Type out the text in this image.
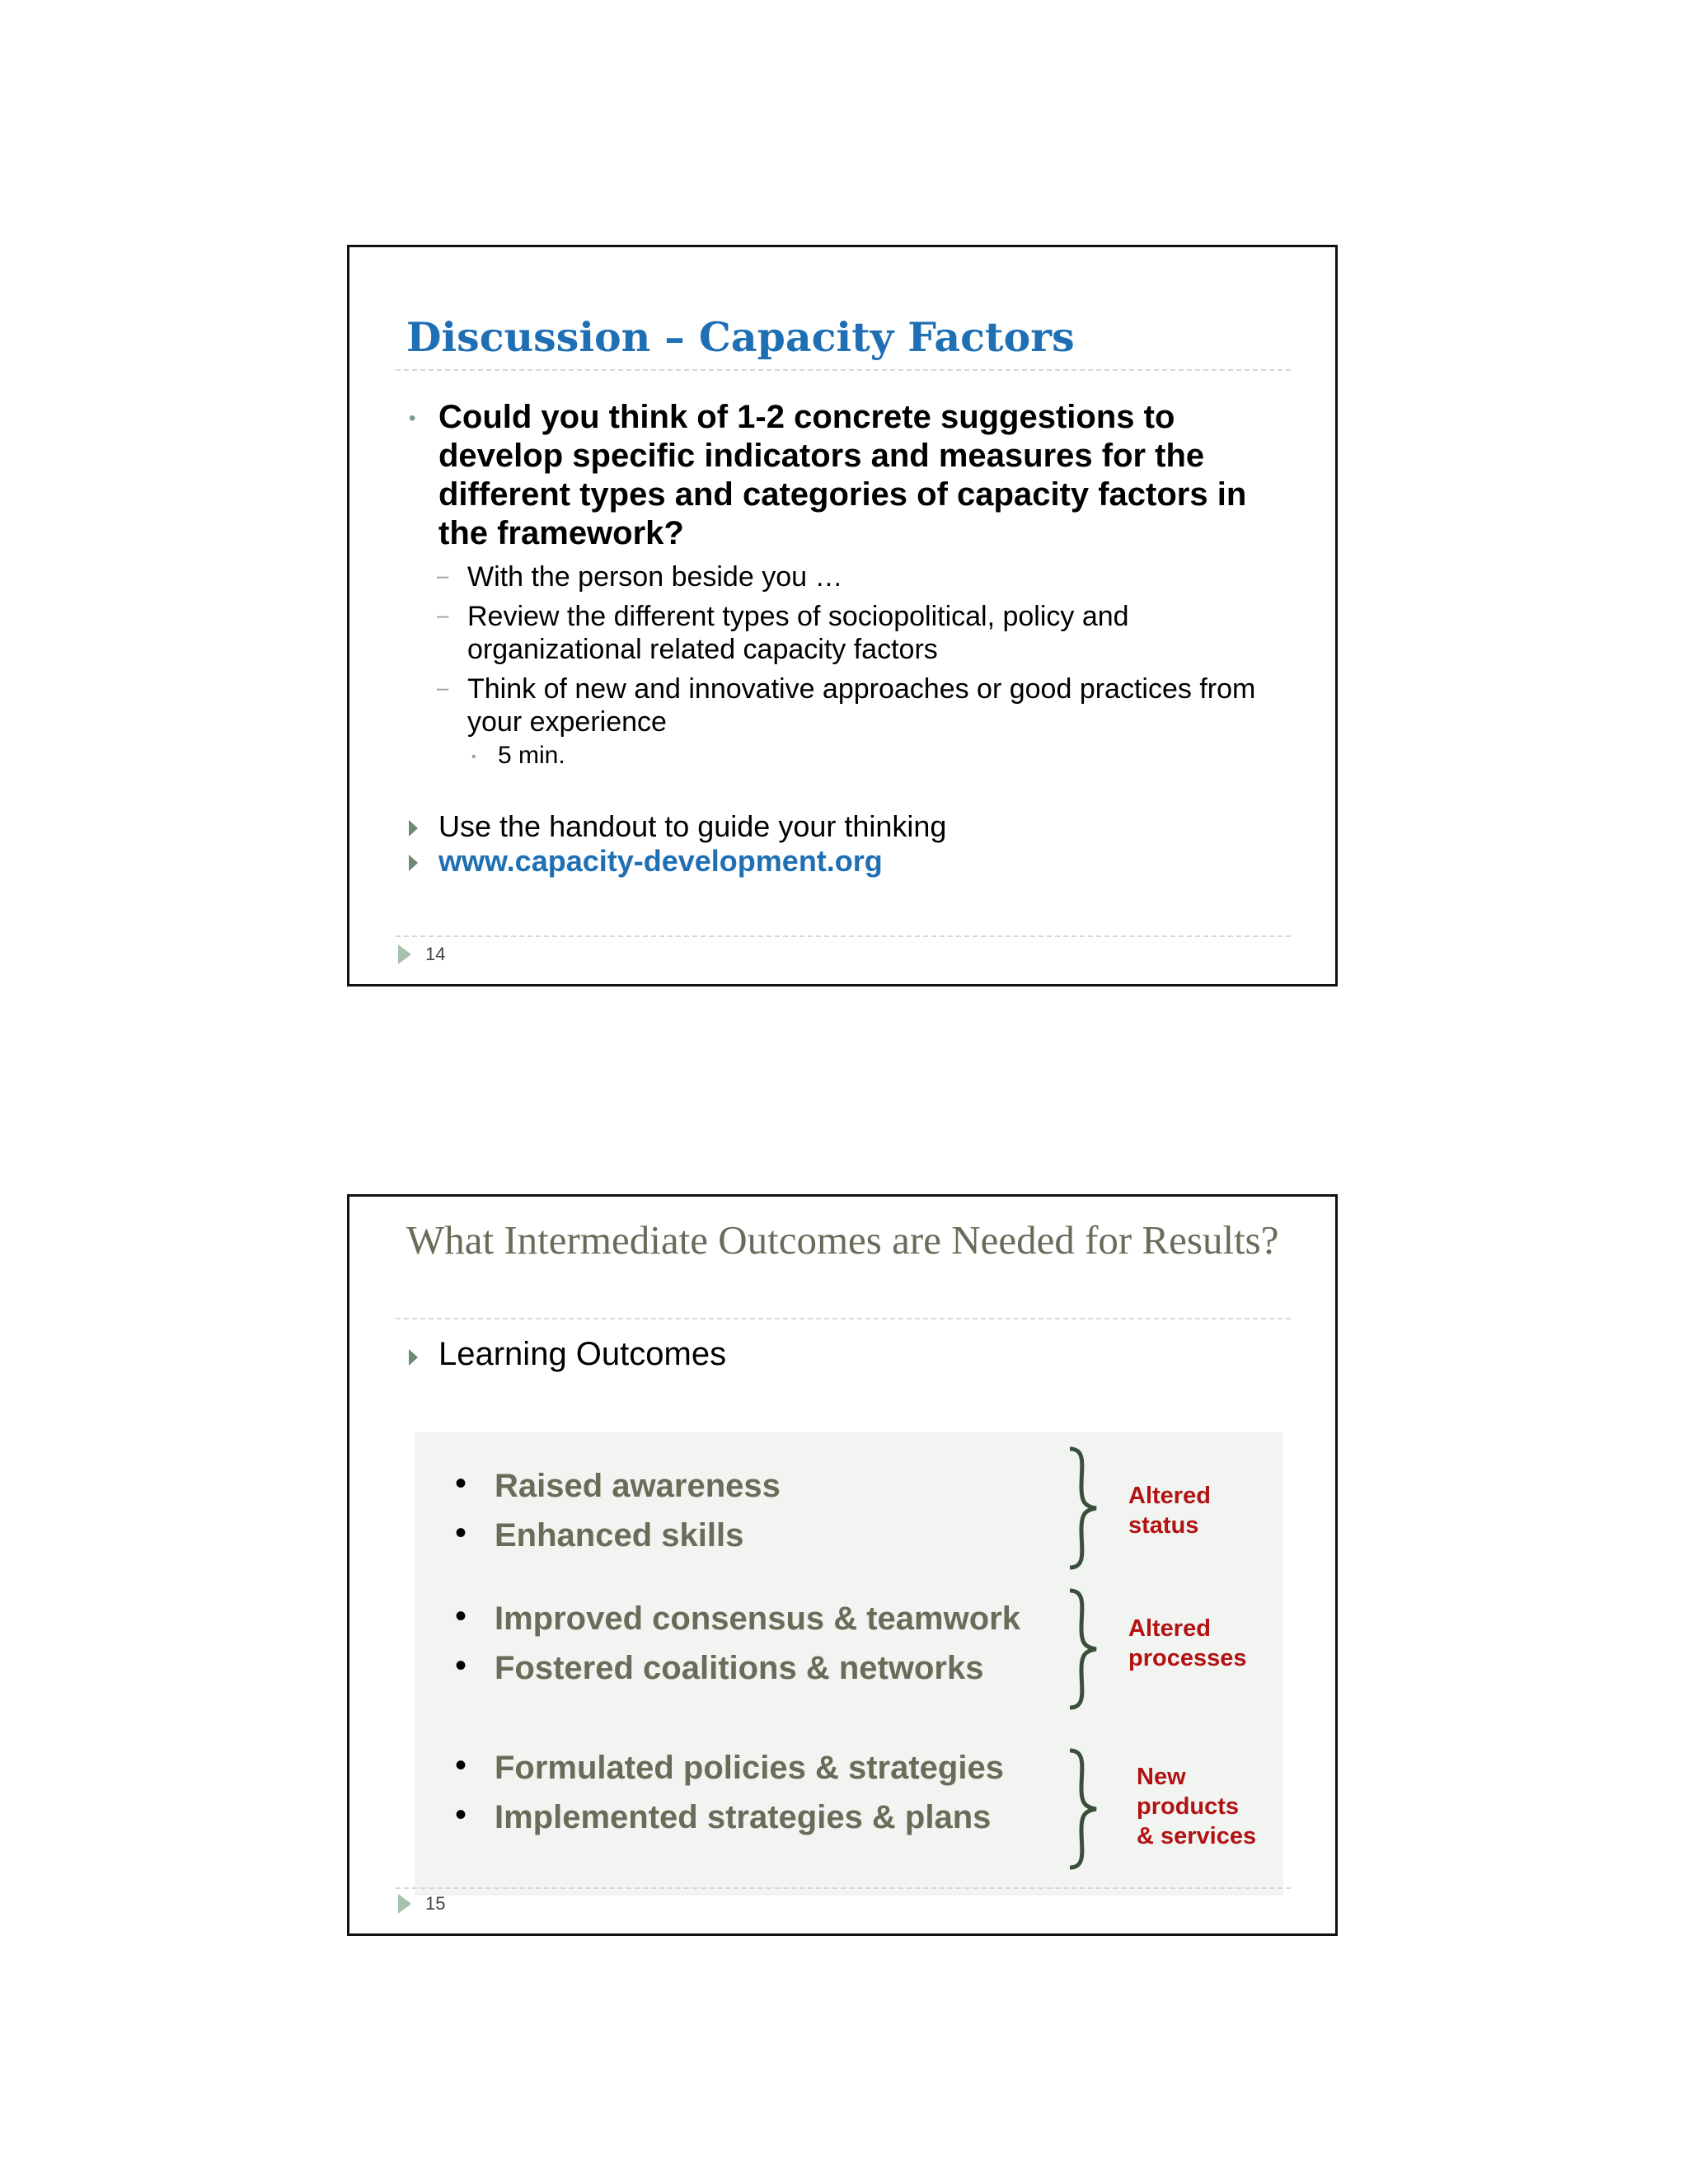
Discussion – Capacity Factors
• Could you think of 1-2 concrete suggestions to develop specific indicators and measures for the different types and categories of capacity factors in the framework?
– With the person beside you …
– Review the different types of sociopolitical, policy and organizational related capacity factors
– Think of new and innovative approaches or good practices from your experience
• 5 min.
Use the handout to guide your thinking
www.capacity-development.org
14
What Intermediate Outcomes are Needed for Results?
Learning Outcomes
• Raised awareness
• Enhanced skills
Altered
status
• Improved consensus & teamwork
• Fostered coalitions & networks
Altered
processes
• Formulated policies & strategies
• Implemented strategies & plans
New
products
& services
15
